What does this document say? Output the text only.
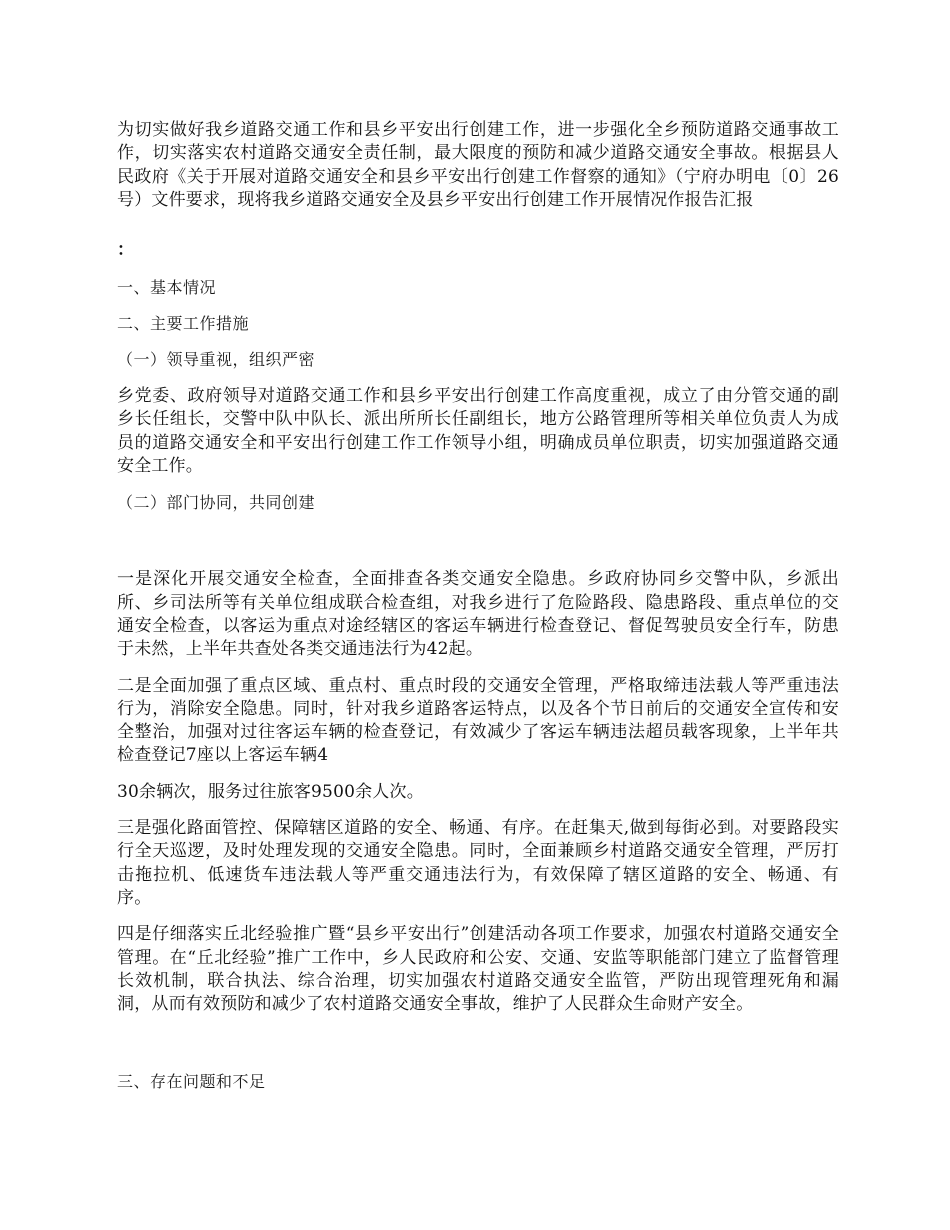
为切实做好我乡道路交通工作和县乡平安出行创建工作，进一步强化全乡预防道路交通事故工作，切实落实农村道路交通安全责任制，最大限度的预防和减少道路交通安全事故。根据县人民政府《关于开展对道路交通安全和县乡平安出行创建工作督察的通知》（宁府办明电〔0〕26号）文件要求，现将我乡道路交通安全及县乡平安出行创建工作开展情况作报告汇报

：

一、基本情况

二、主要工作措施

（一）领导重视，组织严密

乡党委、政府领导对道路交通工作和县乡平安出行创建工作高度重视，成立了由分管交通的副乡长任组长，交警中队中队长、派出所所长任副组长，地方公路管理所等相关单位负责人为成员的道路交通安全和平安出行创建工作工作领导小组，明确成员单位职责，切实加强道路交通安全工作。

（二）部门协同，共同创建

一是深化开展交通安全检查，全面排查各类交通安全隐患。乡政府协同乡交警中队，乡派出所、乡司法所等有关单位组成联合检查组，对我乡进行了危险路段、隐患路段、重点单位的交通安全检查，以客运为重点对途经辖区的客运车辆进行检查登记、督促驾驶员安全行车，防患于未然，上半年共查处各类交通违法行为42起。

二是全面加强了重点区域、重点村、重点时段的交通安全管理，严格取缔违法载人等严重违法行为，消除安全隐患。同时，针对我乡道路客运特点，以及各个节日前后的交通安全宣传和安全整治，加强对过往客运车辆的检查登记，有效减少了客运车辆违法超员载客现象，上半年共检查登记7座以上客运车辆4

30余辆次，服务过往旅客9500余人次。

三是强化路面管控、保障辖区道路的安全、畅通、有序。在赶集天,做到每街必到。对要路段实行全天巡逻，及时处理发现的交通安全隐患。同时，全面兼顾乡村道路交通安全管理，严厉打击拖拉机、低速货车违法载人等严重交通违法行为，有效保障了辖区道路的安全、畅通、有序。

四是仔细落实丘北经验推广暨“县乡平安出行”创建活动各项工作要求，加强农村道路交通安全管理。在“丘北经验”推广工作中，乡人民政府和公安、交通、安监等职能部门建立了监督管理长效机制，联合执法、综合治理，切实加强农村道路交通安全监管，严防出现管理死角和漏洞，从而有效预防和减少了农村道路交通安全事故，维护了人民群众生命财产安全。

三、存在问题和不足
